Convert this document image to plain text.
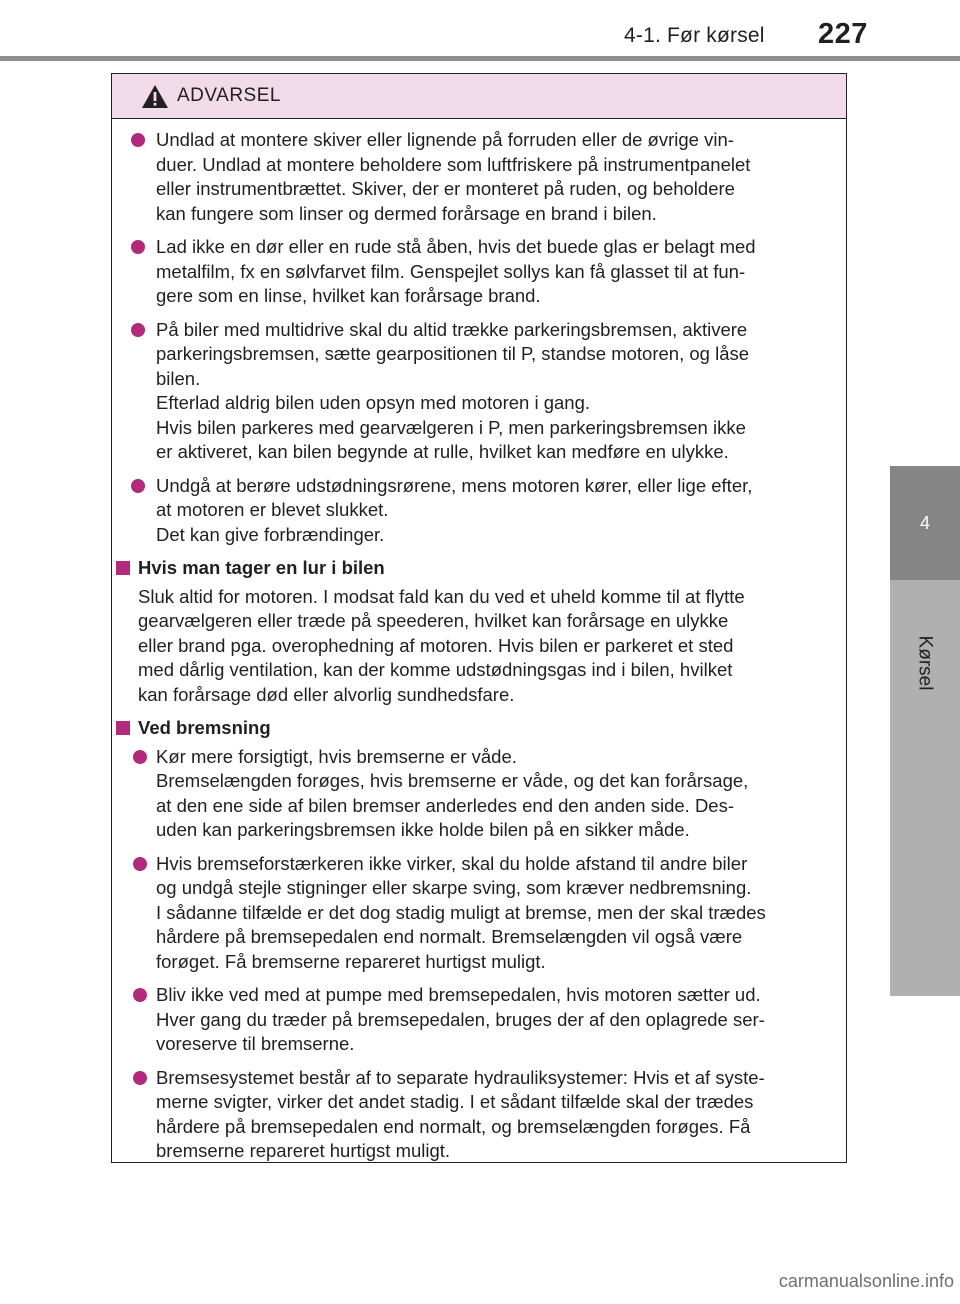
4-1. Før kørsel 227
4
Kørsel
ADVARSEL
Undlad at montere skiver eller lignende på forruden eller de øvrige vin-
duer. Undlad at montere beholdere som luftfriskere på instrumentpanelet
eller instrumentbrættet. Skiver, der er monteret på ruden, og beholdere
kan fungere som linser og dermed forårsage en brand i bilen.
Lad ikke en dør eller en rude stå åben, hvis det buede glas er belagt med
metalfilm, fx en sølvfarvet film. Genspejlet sollys kan få glasset til at fun-
gere som en linse, hvilket kan forårsage brand.
På biler med multidrive skal du altid trække parkeringsbremsen, aktivere
parkeringsbremsen, sætte gearpositionen til P, standse motoren, og låse
bilen.
Efterlad aldrig bilen uden opsyn med motoren i gang.
Hvis bilen parkeres med gearvælgeren i P, men parkeringsbremsen ikke
er aktiveret, kan bilen begynde at rulle, hvilket kan medføre en ulykke.
Undgå at berøre udstødningsrørene, mens motoren kører, eller lige efter,
at motoren er blevet slukket.
Det kan give forbrændinger.
Hvis man tager en lur i bilen
Sluk altid for motoren. I modsat fald kan du ved et uheld komme til at flytte
gearvælgeren eller træde på speederen, hvilket kan forårsage en ulykke
eller brand pga. overophedning af motoren. Hvis bilen er parkeret et sted
med dårlig ventilation, kan der komme udstødningsgas ind i bilen, hvilket
kan forårsage død eller alvorlig sundhedsfare.
Ved bremsning
Kør mere forsigtigt, hvis bremserne er våde.
Bremselængden forøges, hvis bremserne er våde, og det kan forårsage,
at den ene side af bilen bremser anderledes end den anden side. Des-
uden kan parkeringsbremsen ikke holde bilen på en sikker måde.
Hvis bremseforstærkeren ikke virker, skal du holde afstand til andre biler
og undgå stejle stigninger eller skarpe sving, som kræver nedbremsning.
I sådanne tilfælde er det dog stadig muligt at bremse, men der skal trædes
hårdere på bremsepedalen end normalt. Bremselængden vil også være
forøget. Få bremserne repareret hurtigst muligt.
Bliv ikke ved med at pumpe med bremsepedalen, hvis motoren sætter ud.
Hver gang du træder på bremsepedalen, bruges der af den oplagrede ser-
voreserve til bremserne.
Bremsesystemet består af to separate hydrauliksystemer: Hvis et af syste-
merne svigter, virker det andet stadig. I et sådant tilfælde skal der trædes
hårdere på bremsepedalen end normalt, og bremselængden forøges. Få
bremserne repareret hurtigst muligt.
carmanualsonline.info
